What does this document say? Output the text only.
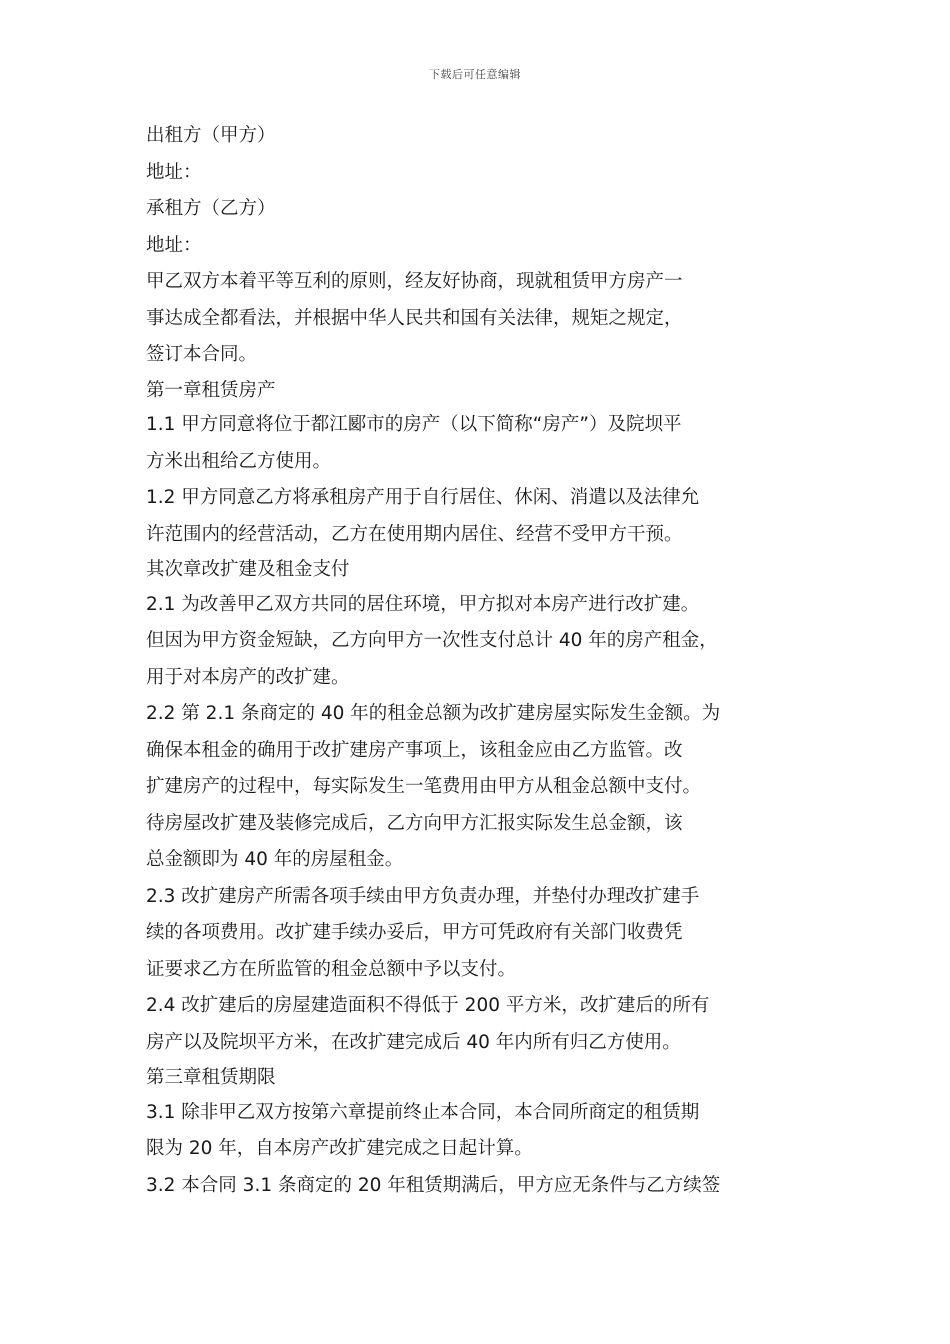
下载后可任意编辑
出租方（甲方）
地址：
承租方（乙方）
地址：
甲乙双方本着平等互利的原则，经友好协商，现就租赁甲方房产一
事达成全都看法，并根据中华人民共和国有关法律，规矩之规定，
签订本合同。
第一章租赁房产
1.1 甲方同意将位于都江郾市的房产（以下简称“房产”）及院坝平
方米出租给乙方使用。
1.2 甲方同意乙方将承租房产用于自行居住、休闲、消遣以及法律允
许范围内的经营活动，乙方在使用期内居住、经营不受甲方干预。
其次章改扩建及租金支付
2.1 为改善甲乙双方共同的居住环境，甲方拟对本房产进行改扩建。
但因为甲方资金短缺，乙方向甲方一次性支付总计 40 年的房产租金，
用于对本房产的改扩建。
2.2 第 2.1 条商定的 40 年的租金总额为改扩建房屋实际发生金额。为
确保本租金的确用于改扩建房产事项上，该租金应由乙方监管。改
扩建房产的过程中，每实际发生一笔费用由甲方从租金总额中支付。
待房屋改扩建及装修完成后，乙方向甲方汇报实际发生总金额，该
总金额即为 40 年的房屋租金。
2.3 改扩建房产所需各项手续由甲方负责办理，并垫付办理改扩建手
续的各项费用。改扩建手续办妥后，甲方可凭政府有关部门收费凭
证要求乙方在所监管的租金总额中予以支付。
2.4 改扩建后的房屋建造面积不得低于 200 平方米，改扩建后的所有
房产以及院坝平方米，在改扩建完成后 40 年内所有归乙方使用。
第三章租赁期限
3.1 除非甲乙双方按第六章提前终止本合同，本合同所商定的租赁期
限为 20 年，自本房产改扩建完成之日起计算。
3.2 本合同 3.1 条商定的 20 年租赁期满后，甲方应无条件与乙方续签
